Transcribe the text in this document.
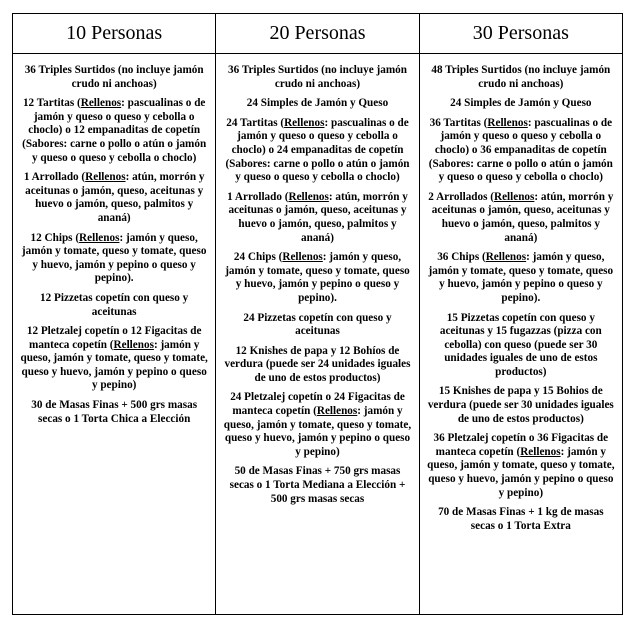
10 Personas

36 Triples Surtidos (no incluye jamón crudo ni anchoas)

12 Tartitas (Rellenos: pascualinas o de jamón y queso o queso y cebolla o choclo) o 12 empanaditas de copetín (Sabores: carne o pollo o atún o jamón y queso o queso y cebolla o choclo)

1 Arrollado (Rellenos: atún, morrón y aceitunas o jamón, queso, aceitunas y huevo o jamón, queso, palmitos y ananá)

12 Chips (Rellenos: jamón y queso, jamón y tomate, queso y tomate, queso y huevo, jamón y pepino o queso y pepino).

12 Pizzetas copetín con queso y aceitunas

12 Pletzalej copetín o 12 Figacitas de manteca copetín (Rellenos: jamón y queso, jamón y tomate, queso y tomate, queso y huevo, jamón y pepino o queso y pepino)

30 de Masas Finas + 500 grs masas secas o 1 Torta Chica a Elección

20 Personas

36 Triples Surtidos (no incluye jamón crudo ni anchoas)

24 Simples de Jamón y Queso

24 Tartitas (Rellenos: pascualinas o de jamón y queso o queso y cebolla o choclo) o 24 empanaditas de copetín (Sabores: carne o pollo o atún o jamón y queso o queso y cebolla o choclo)

1 Arrollado (Rellenos: atún, morrón y aceitunas o jamón, queso, aceitunas y huevo o jamón, queso, palmitos y ananá)

24 Chips (Rellenos: jamón y queso, jamón y tomate, queso y tomate, queso y huevo, jamón y pepino o queso y pepino).

24 Pizzetas copetín con queso y aceitunas

12 Knishes de papa y 12 Bohíos de verdura (puede ser 24 unidades iguales de uno de estos productos)

24 Pletzalej copetín o 24 Figacitas de manteca copetín (Rellenos: jamón y queso, jamón y tomate, queso y tomate, queso y huevo, jamón y pepino o queso y pepino)

50 de Masas Finas + 750 grs masas secas o 1 Torta Mediana a Elección + 500 grs masas secas

30 Personas

48 Triples Surtidos (no incluye jamón crudo ni anchoas)

24 Simples de Jamón y Queso

36 Tartitas (Rellenos: pascualinas o de jamón y queso o queso y cebolla o choclo) o 36 empanaditas de copetín (Sabores: carne o pollo o atún o jamón y queso o queso y cebolla o choclo)

2 Arrollados (Rellenos: atún, morrón y aceitunas o jamón, queso, aceitunas y huevo o jamón, queso, palmitos y ananá)

36 Chips (Rellenos: jamón y queso, jamón y tomate, queso y tomate, queso y huevo, jamón y pepino o queso y pepino).

15 Pizzetas copetín con queso y aceitunas y 15 fugazzas (pizza con cebolla) con queso (puede ser 30 unidades iguales de uno de estos productos)

15 Knishes de papa y 15 Bohios de verdura (puede ser 30 unidades iguales de uno de estos productos)

36 Pletzalej copetín o 36 Figacitas de manteca copetín (Rellenos: jamón y queso, jamón y tomate, queso y tomate, queso y huevo, jamón y pepino o queso y pepino)

70 de Masas Finas + 1 kg de masas secas o 1 Torta Extra
